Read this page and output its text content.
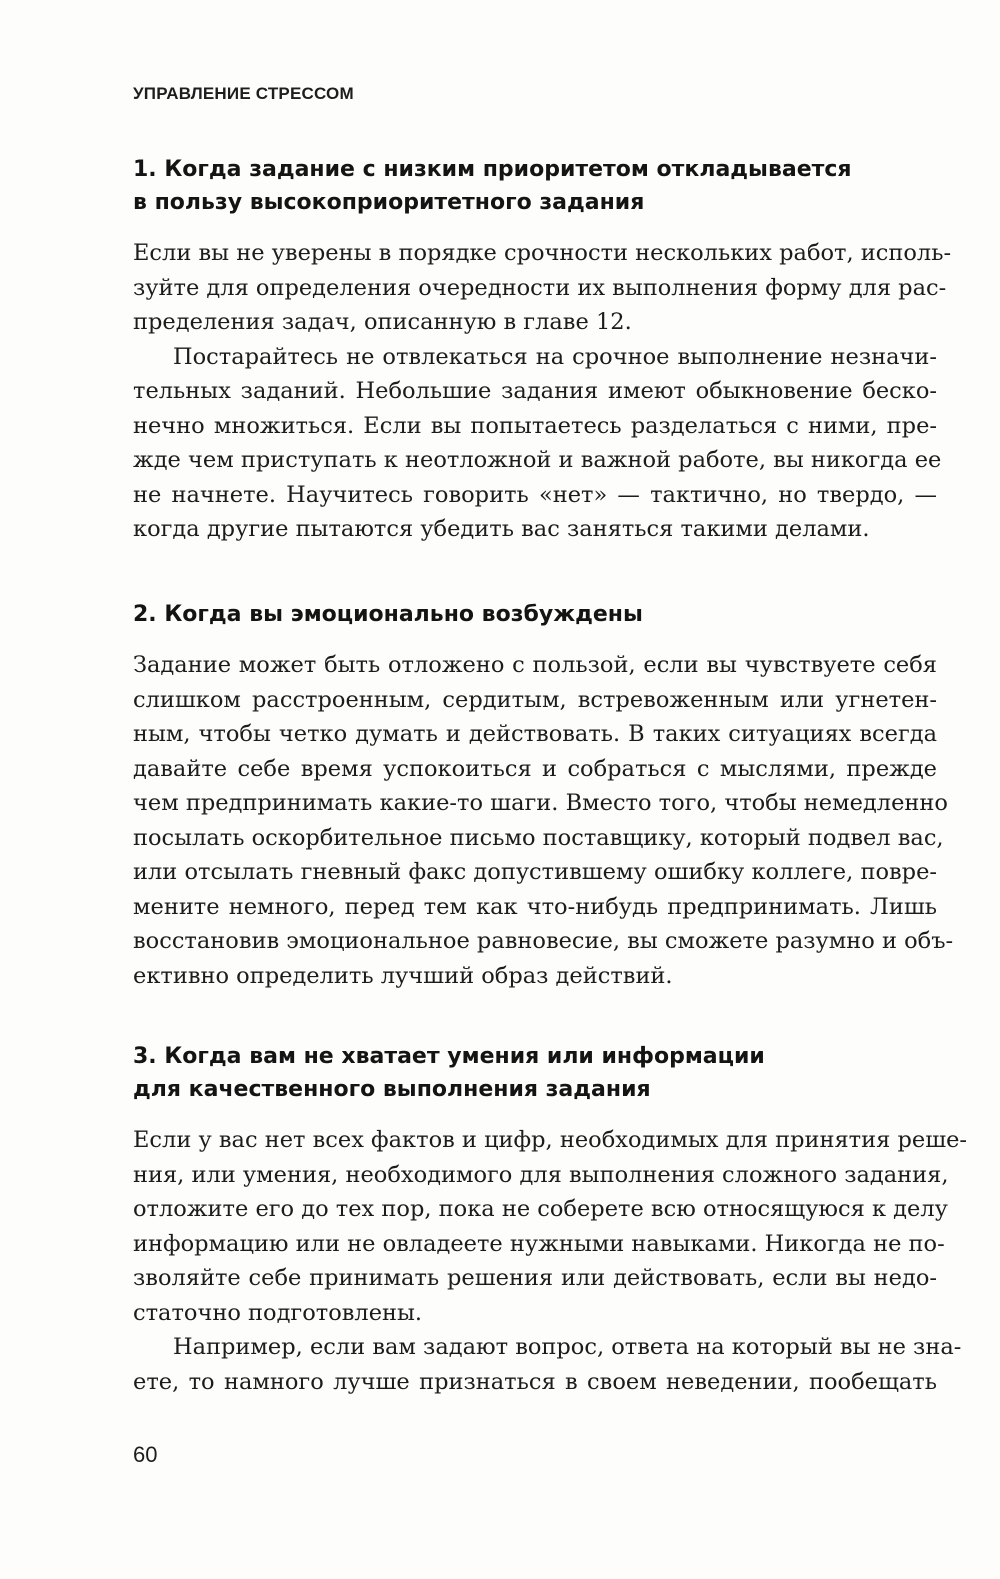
УПРАВЛЕНИЕ СТРЕССОМ
1. Когда задание с низким приоритетом откладывается
в пользу высокоприоритетного задания
Если вы не уверены в порядке срочности нескольких работ, исполь-
зуйте для определения очередности их выполнения форму для рас-
пределения задач, описанную в главе 12.
Постарайтесь не отвлекаться на срочное выполнение незначи-
тельных заданий. Небольшие задания имеют обыкновение беско-
нечно множиться. Если вы попытаетесь разделаться с ними, пре-
жде чем приступать к неотложной и важной работе, вы никогда ее
не начнете. Научитесь говорить «нет» — тактично, но твердо, —
когда другие пытаются убедить вас заняться такими делами.
2. Когда вы эмоционально возбуждены
Задание может быть отложено с пользой, если вы чувствуете себя
слишком расстроенным, сердитым, встревоженным или угнетен-
ным, чтобы четко думать и действовать. В таких ситуациях всегда
давайте себе время успокоиться и собраться с мыслями, прежде
чем предпринимать какие-то шаги. Вместо того, чтобы немедленно
посылать оскорбительное письмо поставщику, который подвел вас,
или отсылать гневный факс допустившему ошибку коллеге, повре-
мените немного, перед тем как что-нибудь предпринимать. Лишь
восстановив эмоциональное равновесие, вы сможете разумно и объ-
ективно определить лучший образ действий.
3. Когда вам не хватает умения или информации
для качественного выполнения задания
Если у вас нет всех фактов и цифр, необходимых для принятия реше-
ния, или умения, необходимого для выполнения сложного задания,
отложите его до тех пор, пока не соберете всю относящуюся к делу
информацию или не овладеете нужными навыками. Никогда не по-
зволяйте себе принимать решения или действовать, если вы недо-
статочно подготовлены.
Например, если вам задают вопрос, ответа на который вы не зна-
ете, то намного лучше признаться в своем неведении, пообещать
60
